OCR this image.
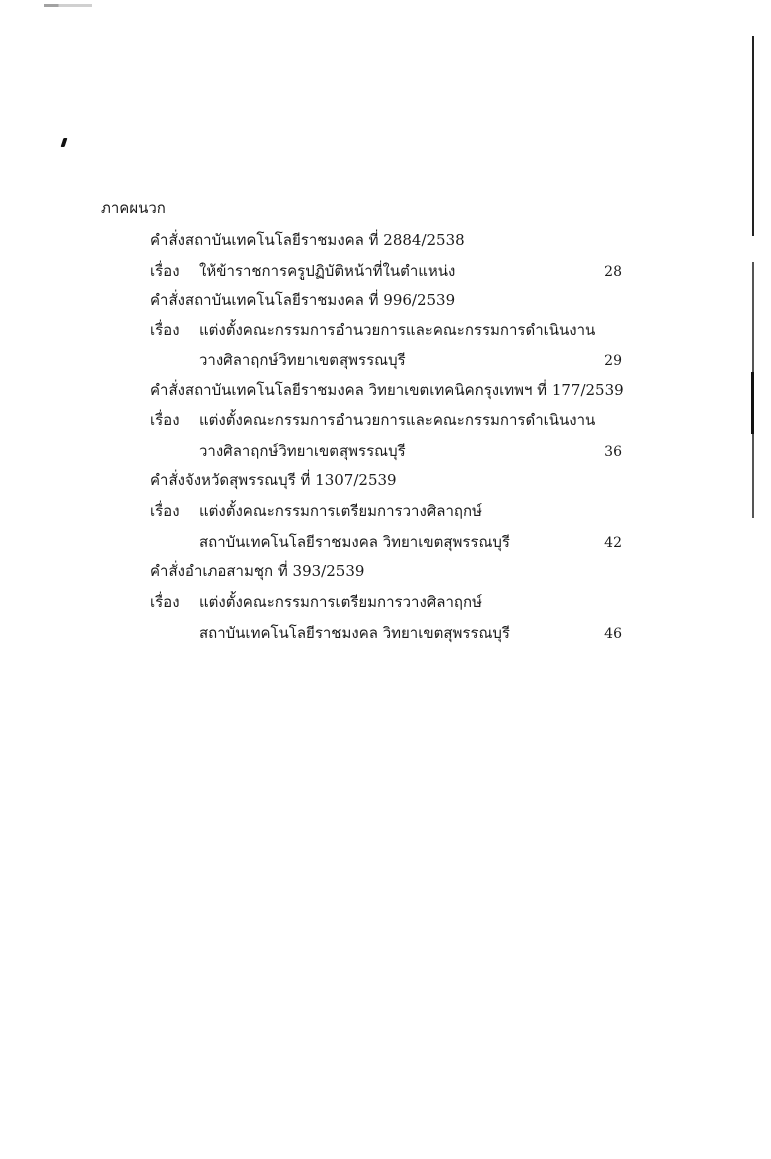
ภาคผนวก
คำสั่งสถาบันเทคโนโลยีราชมงคล ที่ 2884/2538
เรื่อง ให้ข้าราชการครูปฏิบัติหน้าที่ในตำแหน่ง	28
คำสั่งสถาบันเทคโนโลยีราชมงคล ที่ 996/2539
เรื่อง แต่งตั้งคณะกรรมการอำนวยการและคณะกรรมการดำเนินงาน
วางศิลาฤกษ์วิทยาเขตสุพรรณบุรี	29
คำสั่งสถาบันเทคโนโลยีราชมงคล วิทยาเขตเทคนิคกรุงเทพฯ ที่ 177/2539
เรื่อง แต่งตั้งคณะกรรมการอำนวยการและคณะกรรมการดำเนินงาน
วางศิลาฤกษ์วิทยาเขตสุพรรณบุรี	36
คำสั่งจังหวัดสุพรรณบุรี ที่ 1307/2539
เรื่อง แต่งตั้งคณะกรรมการเตรียมการวางศิลาฤกษ์
สถาบันเทคโนโลยีราชมงคล วิทยาเขตสุพรรณบุรี	42
คำสั่งอำเภอสามชุก ที่ 393/2539
เรื่อง แต่งตั้งคณะกรรมการเตรียมการวางศิลาฤกษ์
สถาบันเทคโนโลยีราชมงคล วิทยาเขตสุพรรณบุรี	46
